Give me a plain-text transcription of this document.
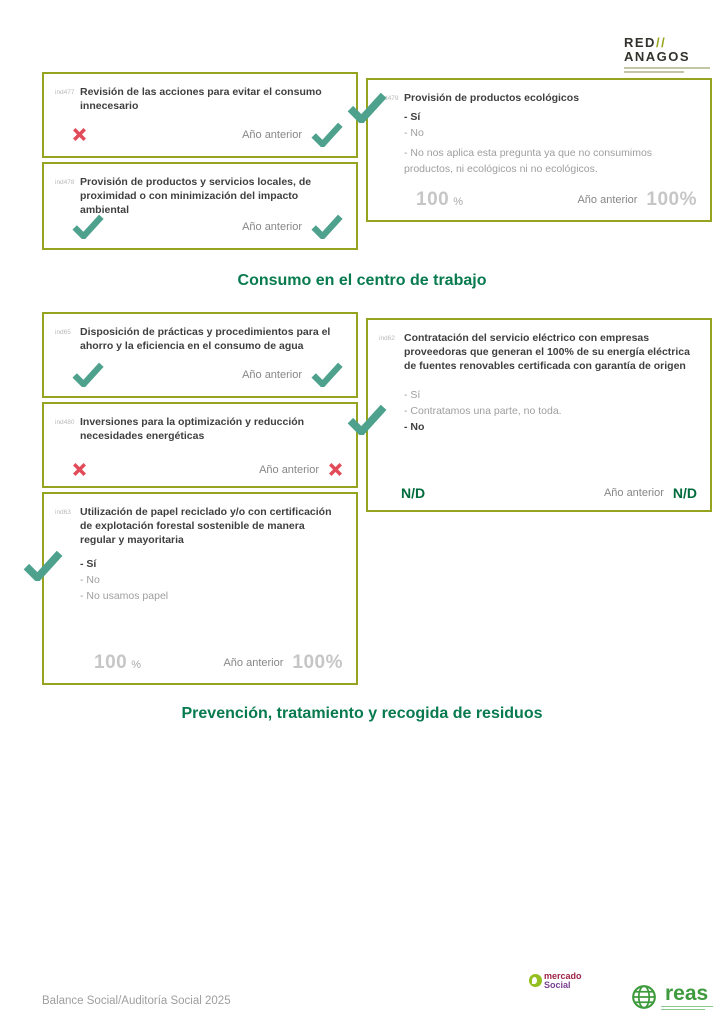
RED//
ANAGOS
ind477 Revisión de las acciones para evitar el consumo innecesario
Año anterior
ind478 Provisión de productos y servicios locales, de proximidad o con minimización del impacto ambiental
Año anterior
ind479 Provisión de productos ecológicos
- Sí
- No
- No nos aplica esta pregunta ya que no consumimos productos, ni ecológicos ni no ecológicos.
100 %	Año anterior 100%
Consumo en el centro de trabajo
ind65 Disposición de prácticas y procedimientos para el ahorro y la eficiencia en el consumo de agua
Año anterior
ind480 Inversiones para la optimización y reducción necesidades energéticas
Año anterior
ind63 Utilización de papel reciclado y/o con certificación de explotación forestal sostenible de manera regular y mayoritaria
- Sí
- No
- No usamos papel
100 %	Año anterior 100%
ind62 Contratación del servicio eléctrico con empresas proveedoras que generan el 100% de su energía eléctrica de fuentes renovables certificada con garantía de origen
- Sí
- Contratamos una parte, no toda.
- No
N/D	Año anterior N/D
Prevención, tratamiento y recogida de residuos
Balance Social/Auditoría Social 2025
mercado
Social	reas
